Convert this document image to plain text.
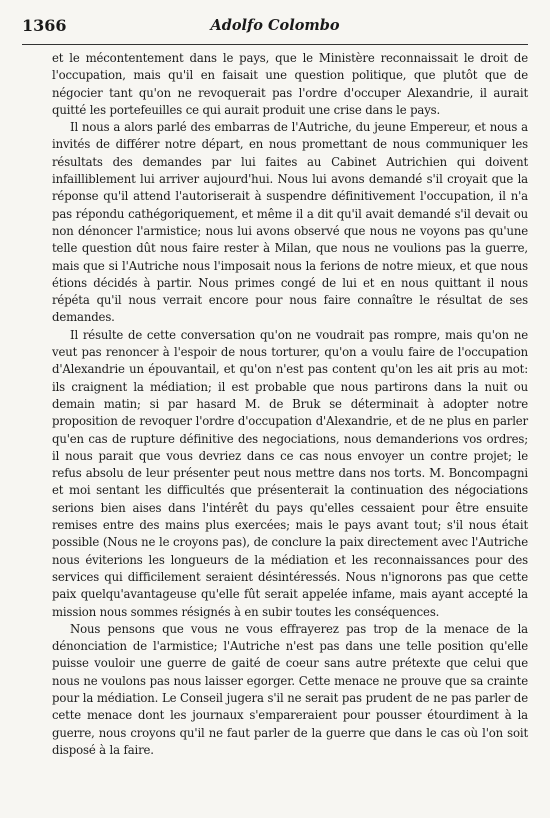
1366	Adolfo Colombo

et le mécontentement dans le pays, que le Ministère reconnaissait le droit de l'occupation, mais qu'il en faisait une question politique, que plutôt que de négocier tant qu'on ne revoquerait pas l'ordre d'occuper Alexandrie, il aurait quitté les portefeuilles ce qui aurait produit une crise dans le pays.

Il nous a alors parlé des embarras de l'Autriche, du jeune Empereur, et nous a invités de différer notre départ, en nous promettant de nous communiquer les résultats des demandes par lui faites au Cabinet Autrichien qui doivent infailliblement lui arriver aujourd'hui. Nous lui avons demandé s'il croyait que la réponse qu'il attend l'autoriserait à suspendre définitivement l'occupation, il n'a pas répondu cathégoriquement, et même il a dit qu'il avait demandé s'il devait ou non dénoncer l'armistice; nous lui avons observé que nous ne voyons pas qu'une telle question dût nous faire rester à Milan, que nous ne voulions pas la guerre, mais que si l'Autriche nous l'imposait nous la ferions de notre mieux, et que nous étions décidés à partir. Nous primes congé de lui et en nous quittant il nous répéta qu'il nous verrait encore pour nous faire connaître le résultat de ses demandes.

Il résulte de cette conversation qu'on ne voudrait pas rompre, mais qu'on ne veut pas renoncer à l'espoir de nous torturer, qu'on a voulu faire de l'occupation d'Alexandrie un épouvantail, et qu'on n'est pas content qu'on les ait pris au mot: ils craignent la médiation; il est probable que nous partirons dans la nuit ou demain matin; si par hasard M. de Bruk se déterminait à adopter notre proposition de revoquer l'ordre d'occupation d'Alexandrie, et de ne plus en parler qu'en cas de rupture définitive des negociations, nous demanderions vos ordres; il nous parait que vous devriez dans ce cas nous envoyer un contre projet; le refus absolu de leur présenter peut nous mettre dans nos torts. M. Boncompagni et moi sentant les difficultés que présenterait la continuation des négociations serions bien aises dans l'intérêt du pays qu'elles cessaient pour être ensuite remises entre des mains plus exercées; mais le pays avant tout; s'il nous était possible (Nous ne le croyons pas), de conclure la paix directement avec l'Autriche nous éviterions les longueurs de la médiation et les reconnaissances pour des services qui difficilement seraient désintéressés. Nous n'ignorons pas que cette paix quelqu'avantageuse qu'elle fût serait appelée infame, mais ayant accepté la mission nous sommes résignés à en subir toutes les conséquences.

Nous pensons que vous ne vous effrayerez pas trop de la menace de la dénonciation de l'armistice; l'Autriche n'est pas dans une telle position qu'elle puisse vouloir une guerre de gaité de coeur sans autre prétexte que celui que nous ne voulons pas nous laisser egorger. Cette menace ne prouve que sa crainte pour la médiation. Le Conseil jugera s'il ne serait pas prudent de ne pas parler de cette menace dont les journaux s'empareraient pour pousser étourdiment à la guerre, nous croyons qu'il ne faut parler de la guerre que dans le cas où l'on soit disposé à la faire.
